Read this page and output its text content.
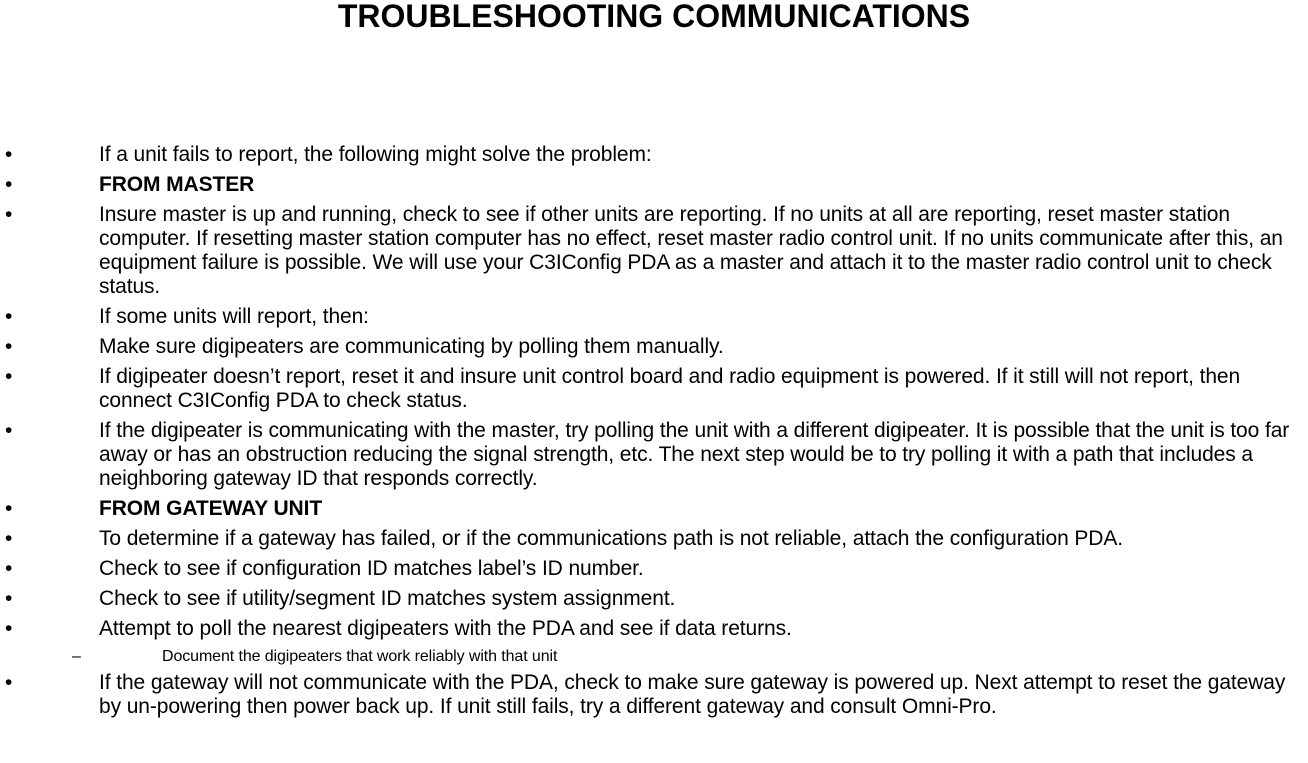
TROUBLESHOOTING COMMUNICATIONS
•	If a unit fails to report, the following might solve the problem:
•	FROM MASTER
•	Insure master is up and running, check to see if other units are reporting. If no units at all are reporting, reset master station computer. If resetting master station computer has no effect, reset master radio control unit. If no units communicate after this, an equipment failure is possible. We will use your C3IConfig PDA as a master and attach it to the master radio control unit to check status.
•	If some units will report, then:
•	Make sure digipeaters are communicating by polling them manually.
•	If digipeater doesn’t report, reset it and insure unit control board and radio equipment is powered. If it still will not report, then connect C3IConfig PDA to check status.
•	If the digipeater is communicating with the master, try polling the unit with a different digipeater. It is possible that the unit is too far away or has an obstruction reducing the signal strength, etc. The next step would be to try polling it with a path that includes a neighboring gateway ID that responds correctly.
•	FROM GATEWAY UNIT
•	To determine if a gateway has failed, or if the communications path is not reliable, attach the configuration PDA.
•	Check to see if configuration ID matches label’s ID number.
•	Check to see if utility/segment ID matches system assignment.
•	Attempt to poll the nearest digipeaters with the PDA and see if data returns.
–	Document the digipeaters that work reliably with that unit
•	If the gateway will not communicate with the PDA, check to make sure gateway is powered up. Next attempt to reset the gateway by un-powering then power back up. If unit still fails, try a different gateway and consult Omni-Pro.
